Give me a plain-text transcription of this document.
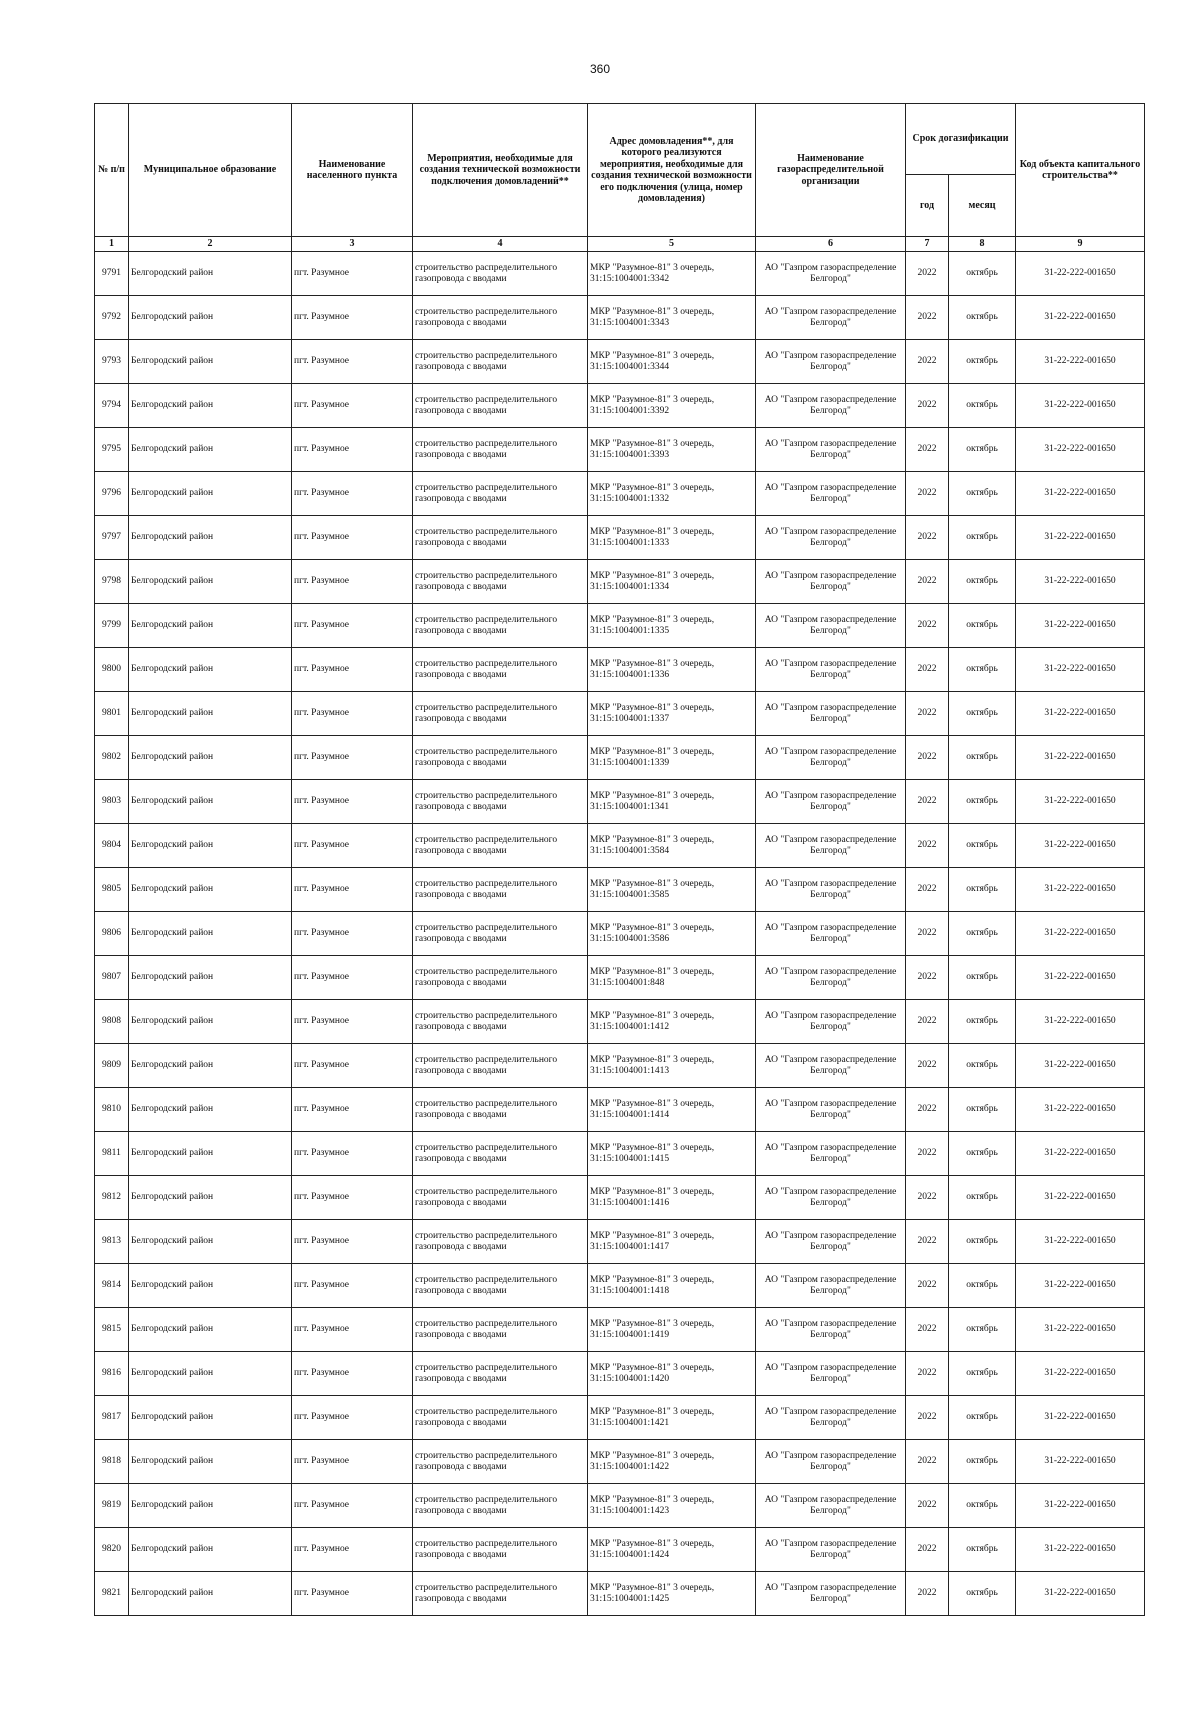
360
№ п/п	Муниципальное образование	Наименование населенного пункта	Мероприятия, необходимые для создания технической возможности подключения домовладений**	Адрес домовладения**, для которого реализуются мероприятия, необходимые для создания технической возможности его подключения (улица, номер домовладения)	Наименование газораспределительной организации	Срок догазификации		Код объекта капитального строительства**
						год	месяц	
1	2	3	4	5	6	7	8	9
9791	Белгородский район	пгт. Разумное	строительство распределительного газопровода с вводами	МКР "Разумное-81" 3 очередь, 31:15:1004001:3342	АО "Газпром газораспределение Белгород"	2022	октябрь	31-22-222-001650
9792	Белгородский район	пгт. Разумное	строительство распределительного газопровода с вводами	МКР "Разумное-81" 3 очередь, 31:15:1004001:3343	АО "Газпром газораспределение Белгород"	2022	октябрь	31-22-222-001650
9793	Белгородский район	пгт. Разумное	строительство распределительного газопровода с вводами	МКР "Разумное-81" 3 очередь, 31:15:1004001:3344	АО "Газпром газораспределение Белгород"	2022	октябрь	31-22-222-001650
9794	Белгородский район	пгт. Разумное	строительство распределительного газопровода с вводами	МКР "Разумное-81" 3 очередь, 31:15:1004001:3392	АО "Газпром газораспределение Белгород"	2022	октябрь	31-22-222-001650
9795	Белгородский район	пгт. Разумное	строительство распределительного газопровода с вводами	МКР "Разумное-81" 3 очередь, 31:15:1004001:3393	АО "Газпром газораспределение Белгород"	2022	октябрь	31-22-222-001650
9796	Белгородский район	пгт. Разумное	строительство распределительного газопровода с вводами	МКР "Разумное-81" 3 очередь, 31:15:1004001:1332	АО "Газпром газораспределение Белгород"	2022	октябрь	31-22-222-001650
9797	Белгородский район	пгт. Разумное	строительство распределительного газопровода с вводами	МКР "Разумное-81" 3 очередь, 31:15:1004001:1333	АО "Газпром газораспределение Белгород"	2022	октябрь	31-22-222-001650
9798	Белгородский район	пгт. Разумное	строительство распределительного газопровода с вводами	МКР "Разумное-81" 3 очередь, 31:15:1004001:1334	АО "Газпром газораспределение Белгород"	2022	октябрь	31-22-222-001650
9799	Белгородский район	пгт. Разумное	строительство распределительного газопровода с вводами	МКР "Разумное-81" 3 очередь, 31:15:1004001:1335	АО "Газпром газораспределение Белгород"	2022	октябрь	31-22-222-001650
9800	Белгородский район	пгт. Разумное	строительство распределительного газопровода с вводами	МКР "Разумное-81" 3 очередь, 31:15:1004001:1336	АО "Газпром газораспределение Белгород"	2022	октябрь	31-22-222-001650
9801	Белгородский район	пгт. Разумное	строительство распределительного газопровода с вводами	МКР "Разумное-81" 3 очередь, 31:15:1004001:1337	АО "Газпром газораспределение Белгород"	2022	октябрь	31-22-222-001650
9802	Белгородский район	пгт. Разумное	строительство распределительного газопровода с вводами	МКР "Разумное-81" 3 очередь, 31:15:1004001:1339	АО "Газпром газораспределение Белгород"	2022	октябрь	31-22-222-001650
9803	Белгородский район	пгт. Разумное	строительство распределительного газопровода с вводами	МКР "Разумное-81" 3 очередь, 31:15:1004001:1341	АО "Газпром газораспределение Белгород"	2022	октябрь	31-22-222-001650
9804	Белгородский район	пгт. Разумное	строительство распределительного газопровода с вводами	МКР "Разумное-81" 3 очередь, 31:15:1004001:3584	АО "Газпром газораспределение Белгород"	2022	октябрь	31-22-222-001650
9805	Белгородский район	пгт. Разумное	строительство распределительного газопровода с вводами	МКР "Разумное-81" 3 очередь, 31:15:1004001:3585	АО "Газпром газораспределение Белгород"	2022	октябрь	31-22-222-001650
9806	Белгородский район	пгт. Разумное	строительство распределительного газопровода с вводами	МКР "Разумное-81" 3 очередь, 31:15:1004001:3586	АО "Газпром газораспределение Белгород"	2022	октябрь	31-22-222-001650
9807	Белгородский район	пгт. Разумное	строительство распределительного газопровода с вводами	МКР "Разумное-81" 3 очередь, 31:15:1004001:848	АО "Газпром газораспределение Белгород"	2022	октябрь	31-22-222-001650
9808	Белгородский район	пгт. Разумное	строительство распределительного газопровода с вводами	МКР "Разумное-81" 3 очередь, 31:15:1004001:1412	АО "Газпром газораспределение Белгород"	2022	октябрь	31-22-222-001650
9809	Белгородский район	пгт. Разумное	строительство распределительного газопровода с вводами	МКР "Разумное-81" 3 очередь, 31:15:1004001:1413	АО "Газпром газораспределение Белгород"	2022	октябрь	31-22-222-001650
9810	Белгородский район	пгт. Разумное	строительство распределительного газопровода с вводами	МКР "Разумное-81" 3 очередь, 31:15:1004001:1414	АО "Газпром газораспределение Белгород"	2022	октябрь	31-22-222-001650
9811	Белгородский район	пгт. Разумное	строительство распределительного газопровода с вводами	МКР "Разумное-81" 3 очередь, 31:15:1004001:1415	АО "Газпром газораспределение Белгород"	2022	октябрь	31-22-222-001650
9812	Белгородский район	пгт. Разумное	строительство распределительного газопровода с вводами	МКР "Разумное-81" 3 очередь, 31:15:1004001:1416	АО "Газпром газораспределение Белгород"	2022	октябрь	31-22-222-001650
9813	Белгородский район	пгт. Разумное	строительство распределительного газопровода с вводами	МКР "Разумное-81" 3 очередь, 31:15:1004001:1417	АО "Газпром газораспределение Белгород"	2022	октябрь	31-22-222-001650
9814	Белгородский район	пгт. Разумное	строительство распределительного газопровода с вводами	МКР "Разумное-81" 3 очередь, 31:15:1004001:1418	АО "Газпром газораспределение Белгород"	2022	октябрь	31-22-222-001650
9815	Белгородский район	пгт. Разумное	строительство распределительного газопровода с вводами	МКР "Разумное-81" 3 очередь, 31:15:1004001:1419	АО "Газпром газораспределение Белгород"	2022	октябрь	31-22-222-001650
9816	Белгородский район	пгт. Разумное	строительство распределительного газопровода с вводами	МКР "Разумное-81" 3 очередь, 31:15:1004001:1420	АО "Газпром газораспределение Белгород"	2022	октябрь	31-22-222-001650
9817	Белгородский район	пгт. Разумное	строительство распределительного газопровода с вводами	МКР "Разумное-81" 3 очередь, 31:15:1004001:1421	АО "Газпром газораспределение Белгород"	2022	октябрь	31-22-222-001650
9818	Белгородский район	пгт. Разумное	строительство распределительного газопровода с вводами	МКР "Разумное-81" 3 очередь, 31:15:1004001:1422	АО "Газпром газораспределение Белгород"	2022	октябрь	31-22-222-001650
9819	Белгородский район	пгт. Разумное	строительство распределительного газопровода с вводами	МКР "Разумное-81" 3 очередь, 31:15:1004001:1423	АО "Газпром газораспределение Белгород"	2022	октябрь	31-22-222-001650
9820	Белгородский район	пгт. Разумное	строительство распределительного газопровода с вводами	МКР "Разумное-81" 3 очередь, 31:15:1004001:1424	АО "Газпром газораспределение Белгород"	2022	октябрь	31-22-222-001650
9821	Белгородский район	пгт. Разумное	строительство распределительного газопровода с вводами	МКР "Разумное-81" 3 очередь, 31:15:1004001:1425	АО "Газпром газораспределение Белгород"	2022	октябрь	31-22-222-001650
